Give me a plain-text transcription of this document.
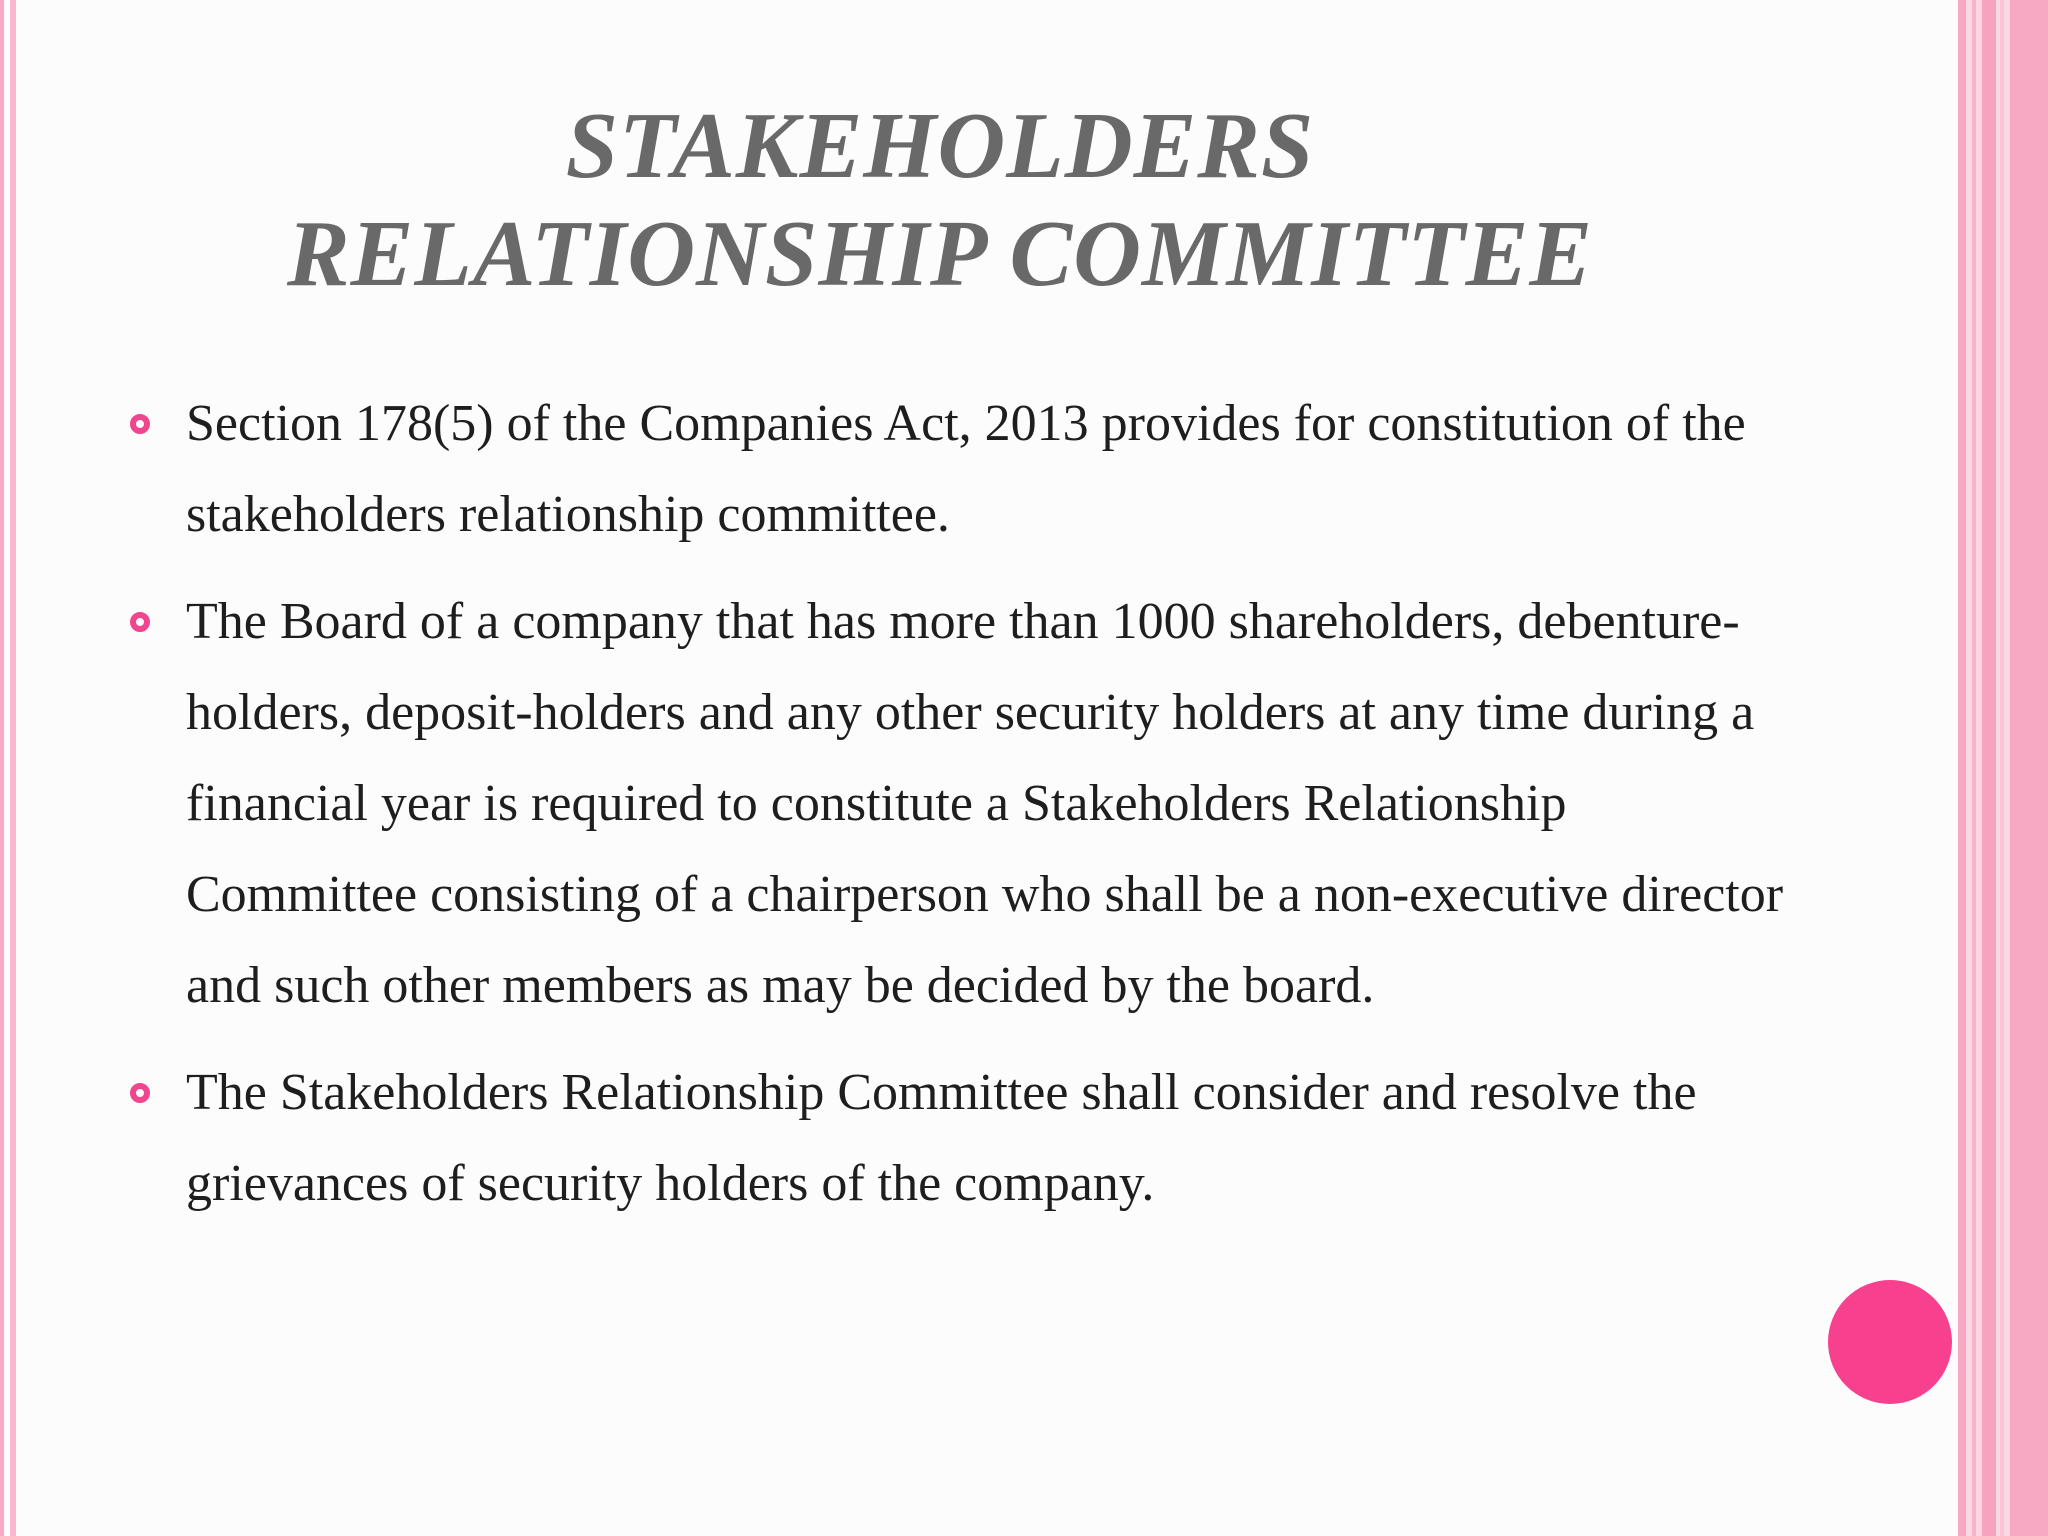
STAKEHOLDERS
RELATIONSHIP COMMITTEE
Section 178(5) of the Companies Act, 2013 provides for constitution of the stakeholders relationship committee.
The Board of a company that has more than 1000 shareholders, debenture-holders, deposit-holders and any other security holders at any time during a financial year is required to constitute a Stakeholders Relationship Committee consisting of a chairperson who shall be a non-executive director and such other members as may be decided by the board.
The Stakeholders Relationship Committee shall consider and resolve the grievances of security holders of the company.
